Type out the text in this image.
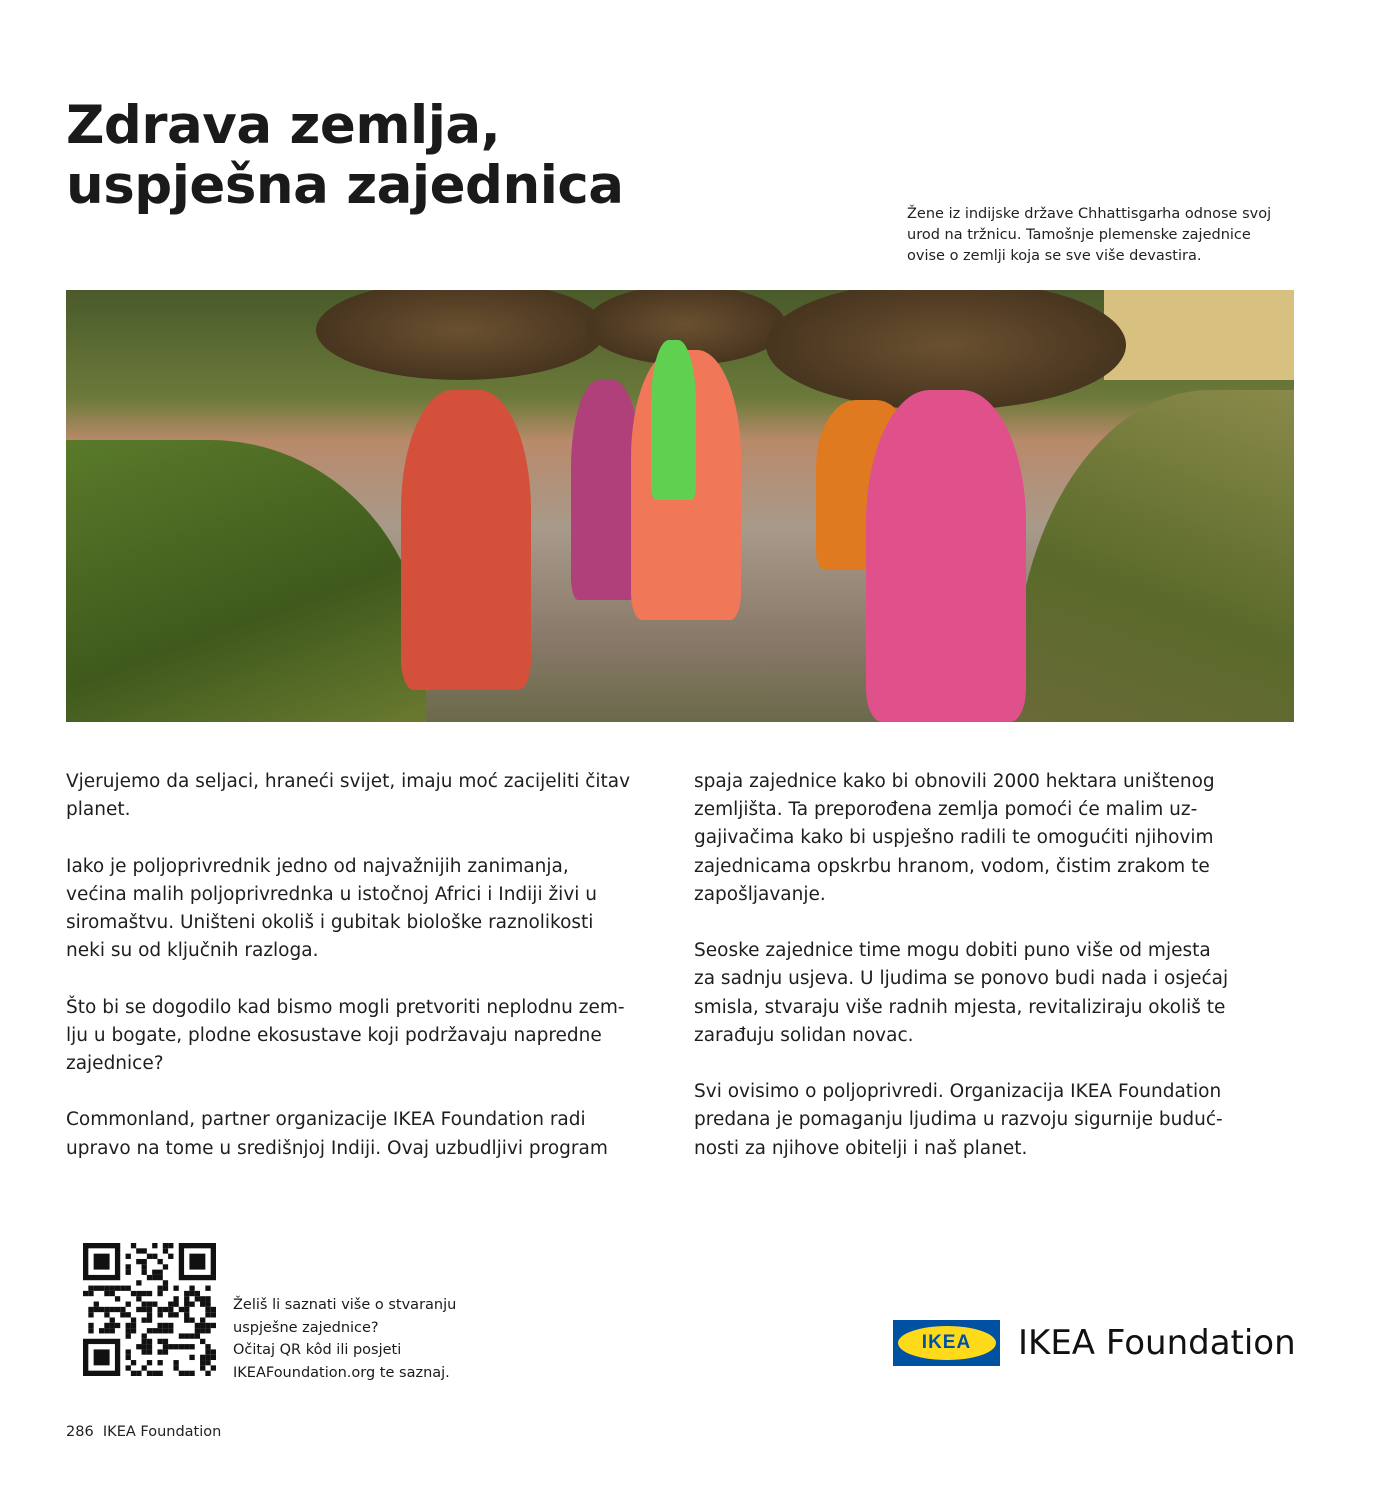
Zdrava zemlja,
uspješna zajednica	Žene iz indijske države Chhattisgarha odnose svoj
urod na tržnicu. Tamošnje plemenske zajednice
ovise o zemlji koja se sve više devastira.
Vjerujemo da seljaci, hraneći svijet, imaju moć zacijeliti čitav
planet.
Iako je poljoprivrednik jedno od najvažnijih zanimanja,
većina malih poljoprivrednka u istočnoj Africi i Indiji živi u
siromaštvu. Uništeni okoliš i gubitak biološke raznolikosti
neki su od ključnih razloga.
Što bi se dogodilo kad bismo mogli pretvoriti neplodnu zem-
lju u bogate, plodne ekosustave koji podržavaju napredne
zajednice?
Commonland, partner organizacije IKEA Foundation radi
upravo na tome u središnjoj Indiji. Ovaj uzbudljivi program
spaja zajednice kako bi obnovili 2000 hektara uništenog
zemljišta. Ta preporođena zemlja pomoći će malim uz-
gajivačima kako bi uspješno radili te omogućiti njihovim
zajednicama opskrbu hranom, vodom, čistim zrakom te
zapošljavanje.
Seoske zajednice time mogu dobiti puno više od mjesta
za sadnju usjeva. U ljudima se ponovo budi nada i osjećaj
smisla, stvaraju više radnih mjesta, revitaliziraju okoliš te
zarađuju solidan novac.
Svi ovisimo o poljoprivredi. Organizacija IKEA Foundation
predana je pomaganju ljudima u razvoju sigurnije buduć-
nosti za njihove obitelji i naš planet.
Želiš li saznati više o stvaranju
uspješne zajednice?
Očitaj QR kôd ili posjeti
IKEAFoundation.org te saznaj.
IKEA	IKEA Foundation
286 IKEA Foundation
